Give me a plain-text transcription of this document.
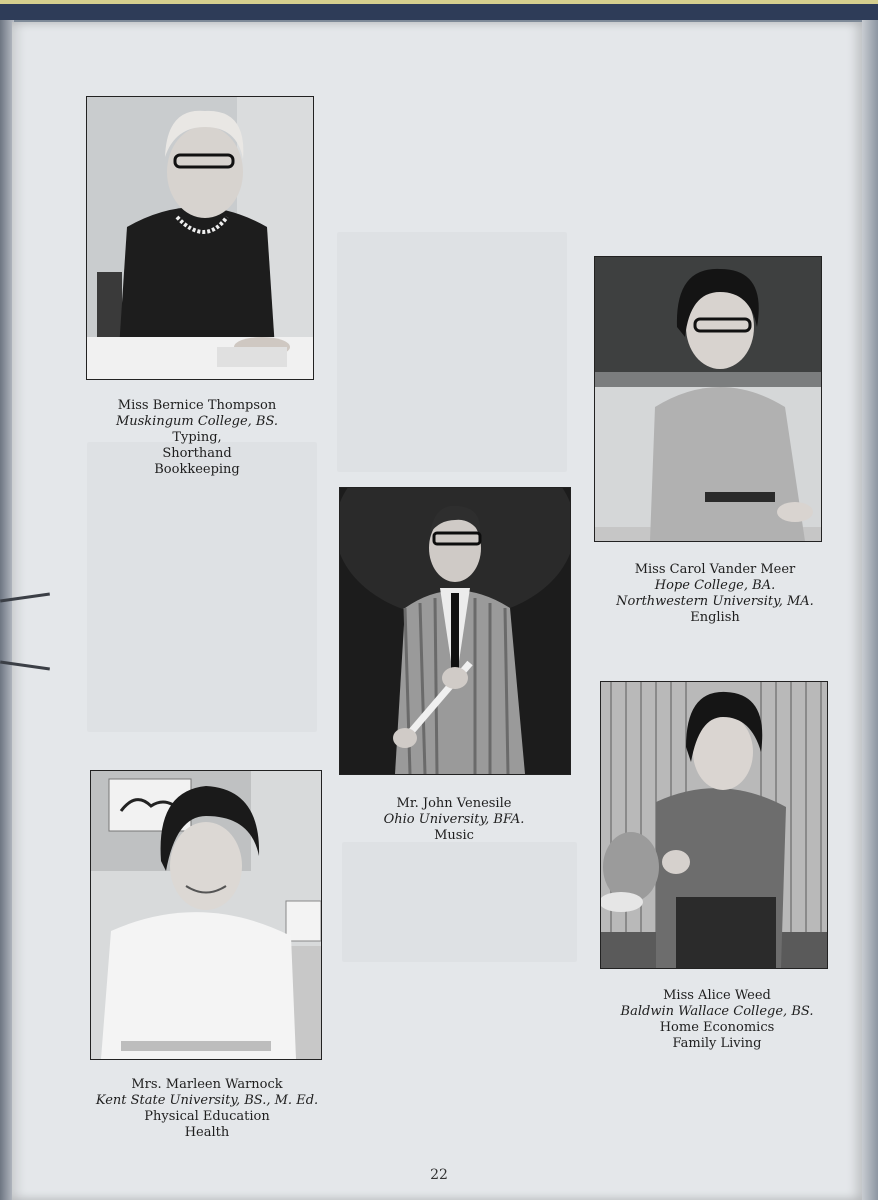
Miss Bernice Thompson
Muskingum College, BS.
Typing,
Shorthand
Bookkeeping
Miss Carol Vander Meer
Hope College, BA.
Northwestern University, MA.
English
Mr. John Venesile
Ohio University, BFA.
Music
Miss Alice Weed
Baldwin Wallace College, BS.
Home Economics
Family Living
Mrs. Marleen Warnock
Kent State University, BS., M. Ed.
Physical Education
Health
22
